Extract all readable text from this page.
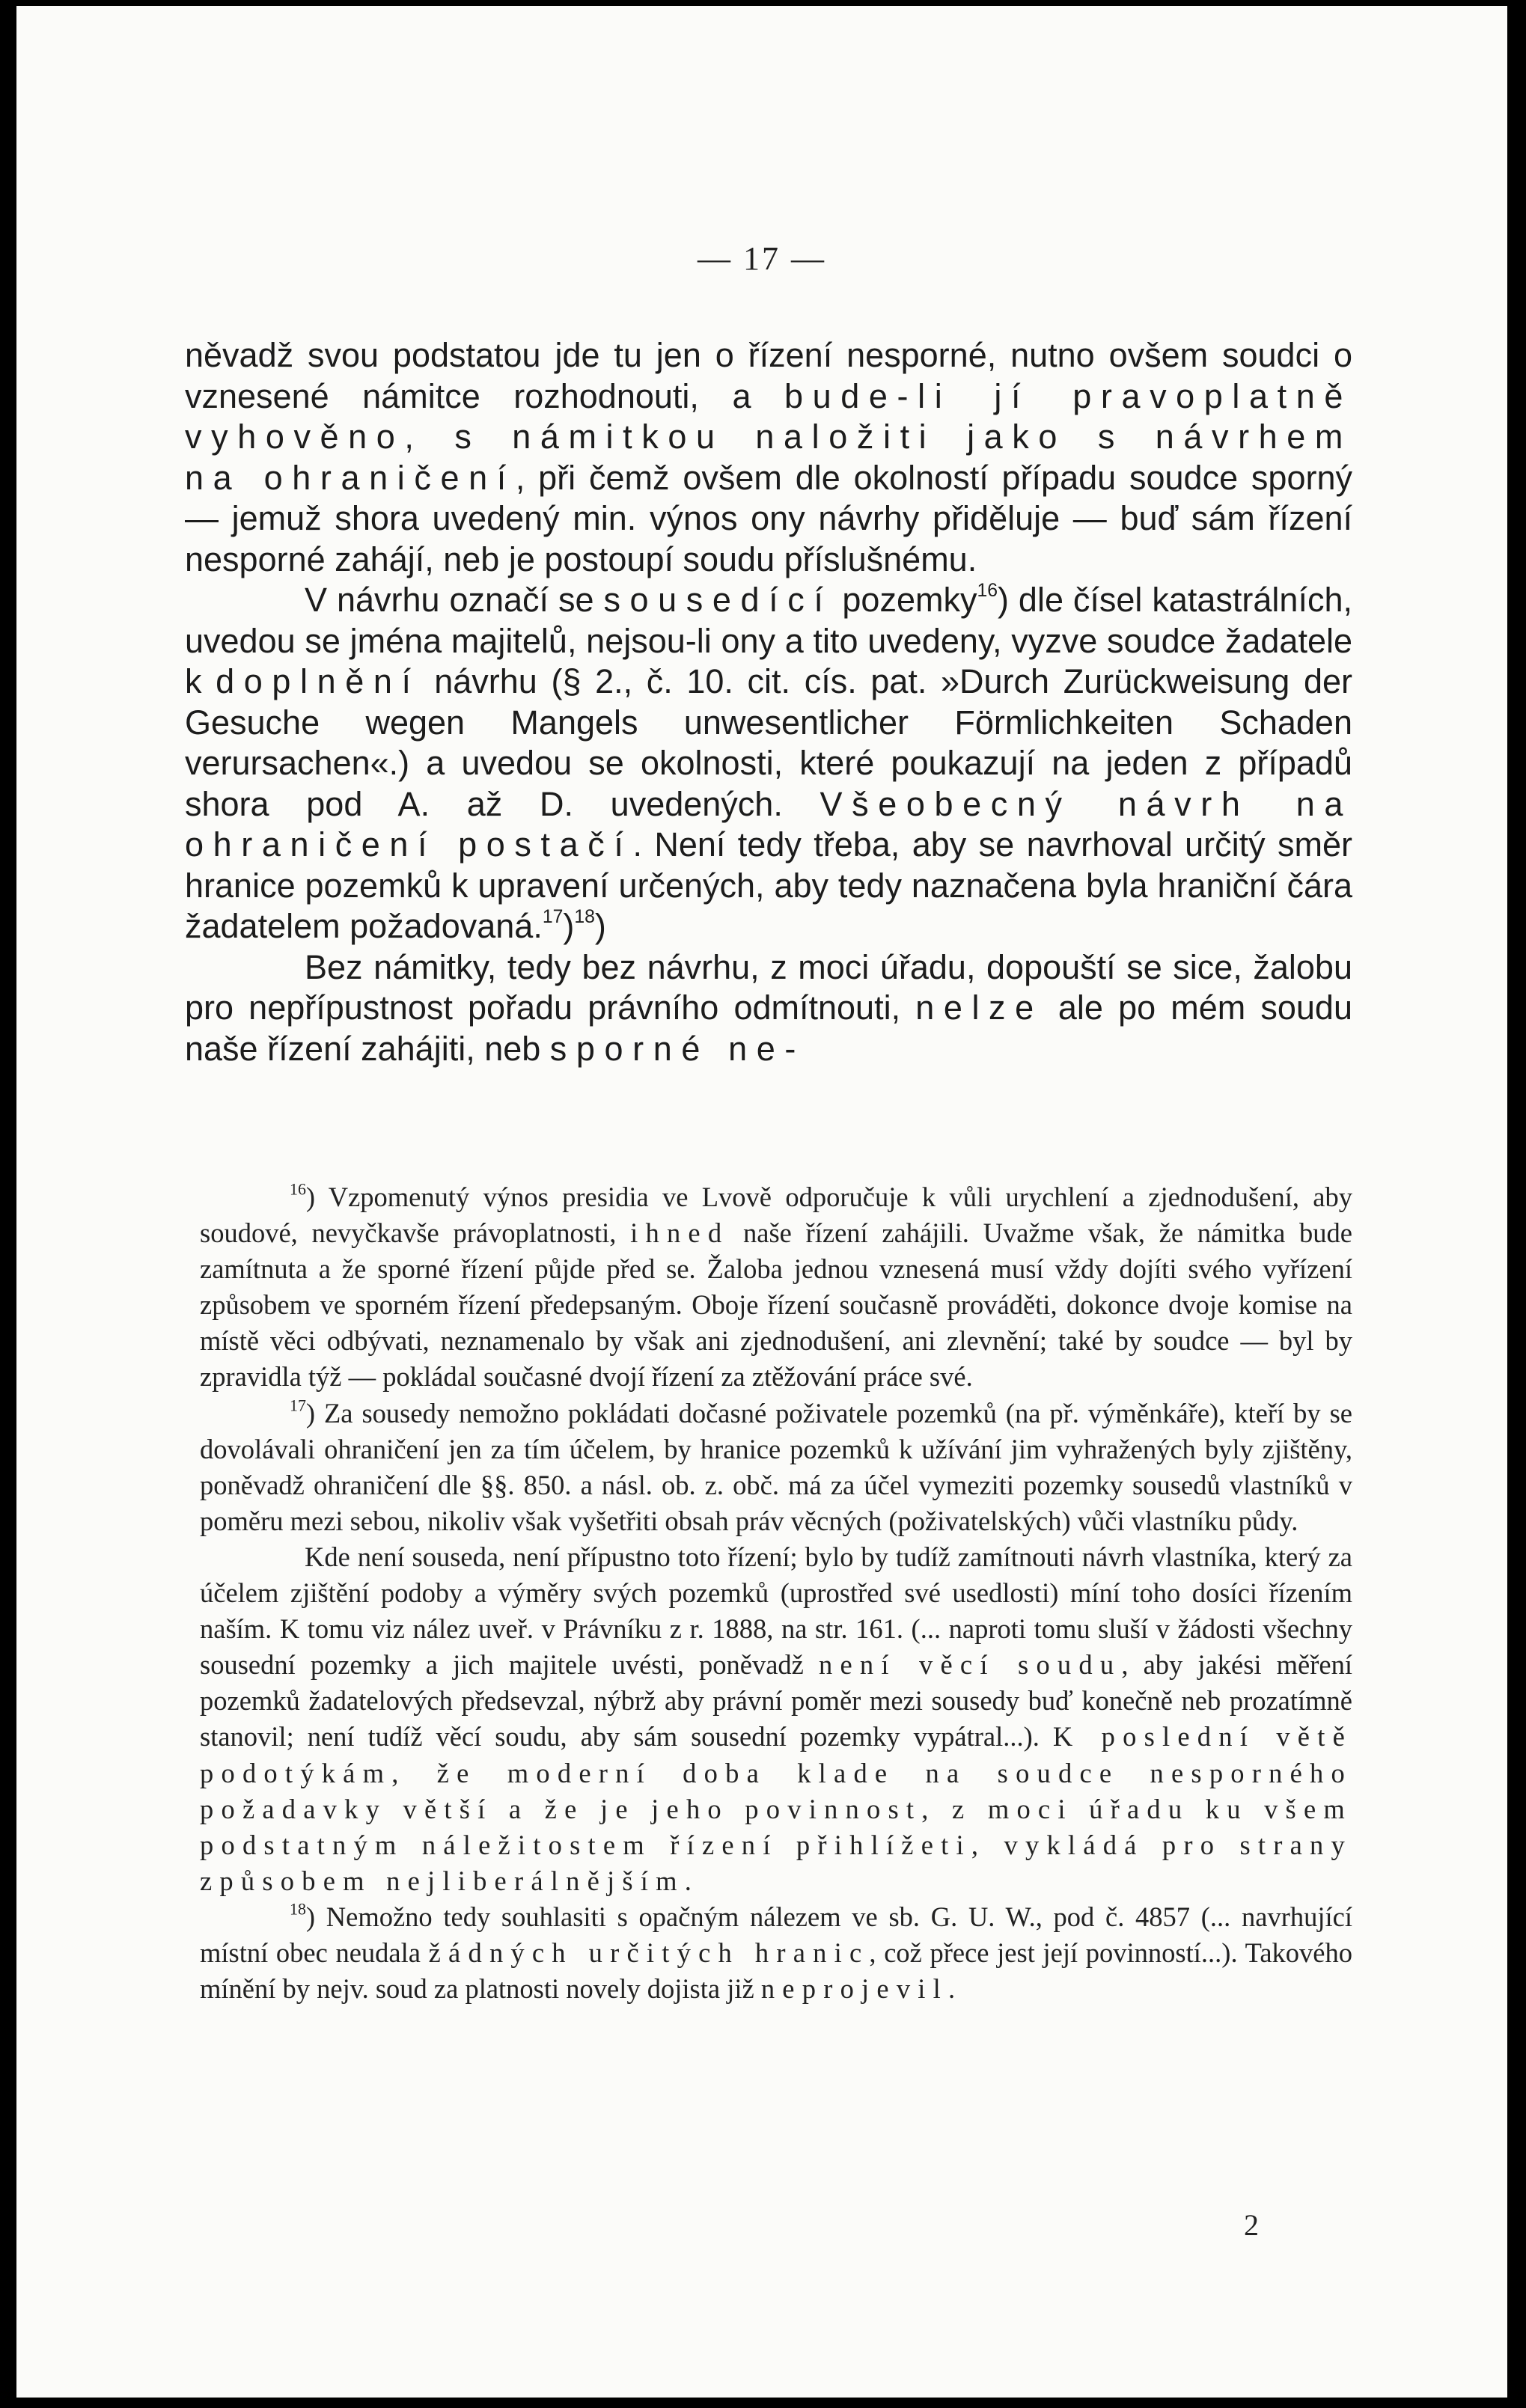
— 17 —

něvadž svou podstatou jde tu jen o řízení nesporné, nutno ovšem soudci o vznesené námitce rozhodnouti, a bude-li jí pravoplatně vyhověno, s námitkou naložiti jako s návrhem na ohraničení, při čemž ovšem dle okolností případu soudce sporný — jemuž shora uvedený min. výnos ony návrhy přiděluje — buď sám řízení nesporné zahájí, neb je postoupí soudu příslušnému.

V návrhu označí se sousedící pozemky$^{16}$) dle čísel katastrálních, uvedou se jména majitelů, nejsou-li ony a tito uvedeny, vyzve soudce žadatele k doplnění návrhu (§ 2., č. 10. cit. cís. pat. »Durch Zurückweisung der Gesuche wegen Mangels unwesentlicher Förmlichkeiten Schaden verursachen«.) a uvedou se okolnosti, které poukazují na jeden z případů shora pod A. až D. uvedených. Všeobecný návrh na ohraničení postačí. Není tedy třeba, aby se navrhoval určitý směr hranice pozemků k upravení určených, aby tedy naznačena byla hraniční čára žadatelem požadovaná.$^{17}$)$^{18}$)

Bez námitky, tedy bez návrhu, z moci úřadu, dopouští se sice, žalobu pro nepřípustnost pořadu právního odmítnouti, nelze ale po mém soudu naše řízení zahájiti, neb sporné ne-

$^{16}$) Vzpomenutý výnos presidia ve Lvově odporučuje k vůli urychlení a zjednodušení, aby soudové, nevyčkavše právoplatnosti, ihned naše řízení zahájili. Uvažme však, že námitka bude zamítnuta a že sporné řízení půjde před se. Žaloba jednou vznesená musí vždy dojíti svého vyřízení způsobem ve sporném řízení předepsaným. Oboje řízení současně prováděti, dokonce dvoje komise na místě věci odbývati, neznamenalo by však ani zjednodušení, ani zlevnění; také by soudce — byl by zpravidla týž — pokládal současné dvojí řízení za ztěžování práce své.

$^{17}$) Za sousedy nemožno pokládati dočasné poživatele pozemků (na př. výměnkáře), kteří by se dovolávali ohraničení jen za tím účelem, by hranice pozemků k užívání jim vyhražených byly zjištěny, poněvadž ohraničení dle §§. 850. a násl. ob. z. obč. má za účel vymeziti pozemky sousedů vlastníků v poměru mezi sebou, nikoliv však vyšetřiti obsah práv věcných (poživatelských) vůči vlastníku půdy.

Kde není souseda, není přípustno toto řízení; bylo by tudíž zamítnouti návrh vlastníka, který za účelem zjištění podoby a výměry svých pozemků (uprostřed své usedlosti) míní toho dosíci řízením naším. K tomu viz nález uveř. v Právníku z r. 1888, na str. 161. (... naproti tomu sluší v žádosti všechny sousední pozemky a jich majitele uvésti, poněvadž není věcí soudu, aby jakési měření pozemků žadatelových předsevzal, nýbrž aby právní poměr mezi sousedy buď konečně neb prozatímně stanovil; není tudíž věcí soudu, aby sám sousední pozemky vypátral...). K poslední větě podotýkám, že moderní doba klade na soudce nesporného požadavky větší a že je jeho povinnost, z moci úřadu ku všem podstatným náležitostem řízení přihlížeti, vykládá pro strany způsobem nejliberálnějším.

$^{18}$) Nemožno tedy souhlasiti s opačným nálezem ve sb. G. U. W., pod č. 4857 (... navrhující místní obec neudala žádných určitých hranic, což přece jest její povinností...). Takového mínění by nejv. soud za platnosti novely dojista již neprojevil.

2
